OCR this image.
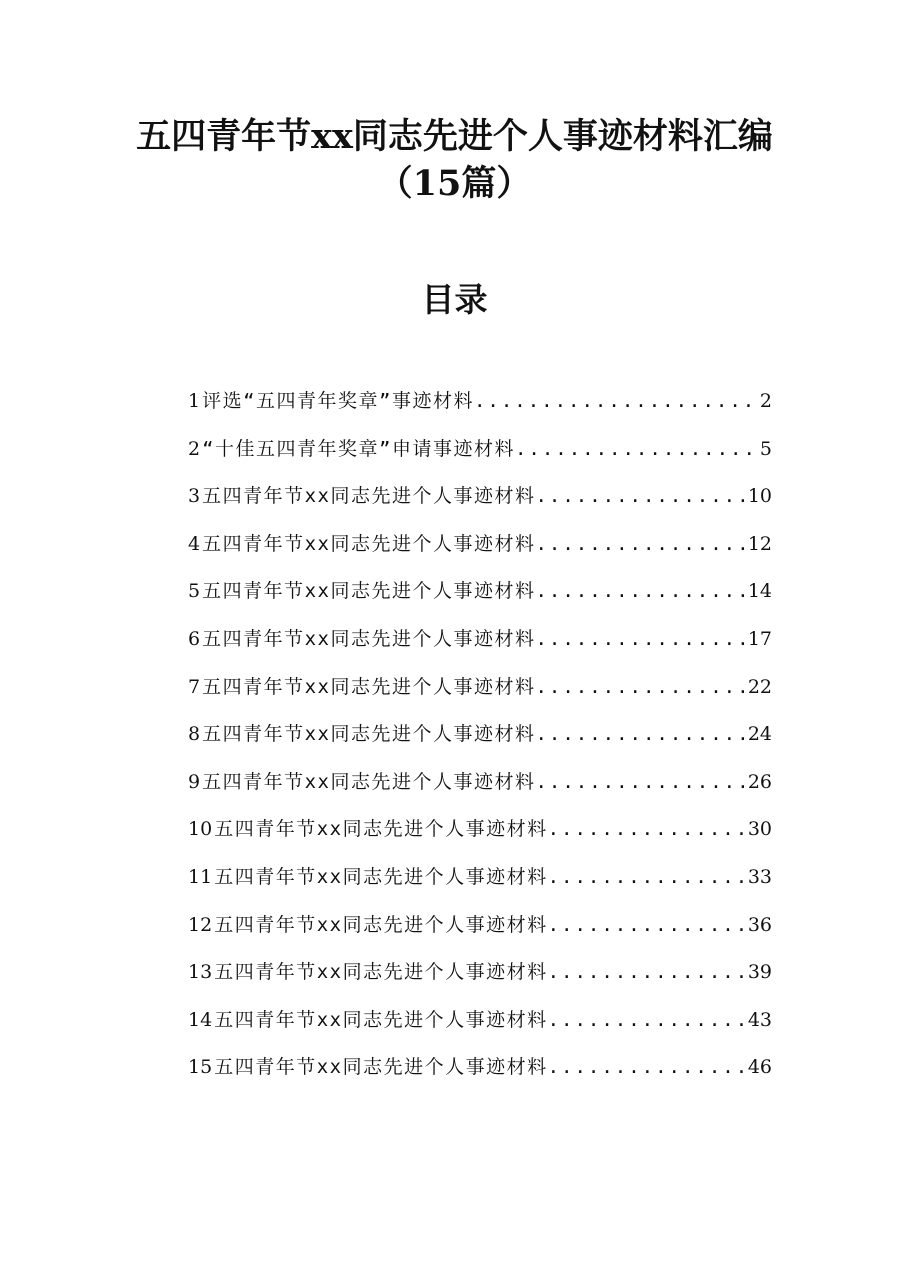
五四青年节xx同志先进个人事迹材料汇编
（15篇）
目录
1 评选“五四青年奖章”事迹材料 .....	2
2 “十佳五四青年奖章”申请事迹材料 .....	5
3 五四青年节xx同志先进个人事迹材料 .....	10
4 五四青年节xx同志先进个人事迹材料 .....	12
5 五四青年节xx同志先进个人事迹材料 .....	14
6 五四青年节xx同志先进个人事迹材料 .....	17
7 五四青年节xx同志先进个人事迹材料 .....	22
8 五四青年节xx同志先进个人事迹材料 .....	24
9 五四青年节xx同志先进个人事迹材料 .....	26
10 五四青年节xx同志先进个人事迹材料 .....	30
11 五四青年节xx同志先进个人事迹材料 .....	33
12 五四青年节xx同志先进个人事迹材料 .....	36
13 五四青年节xx同志先进个人事迹材料 .....	39
14 五四青年节xx同志先进个人事迹材料 .....	43
15 五四青年节xx同志先进个人事迹材料 .....	46
